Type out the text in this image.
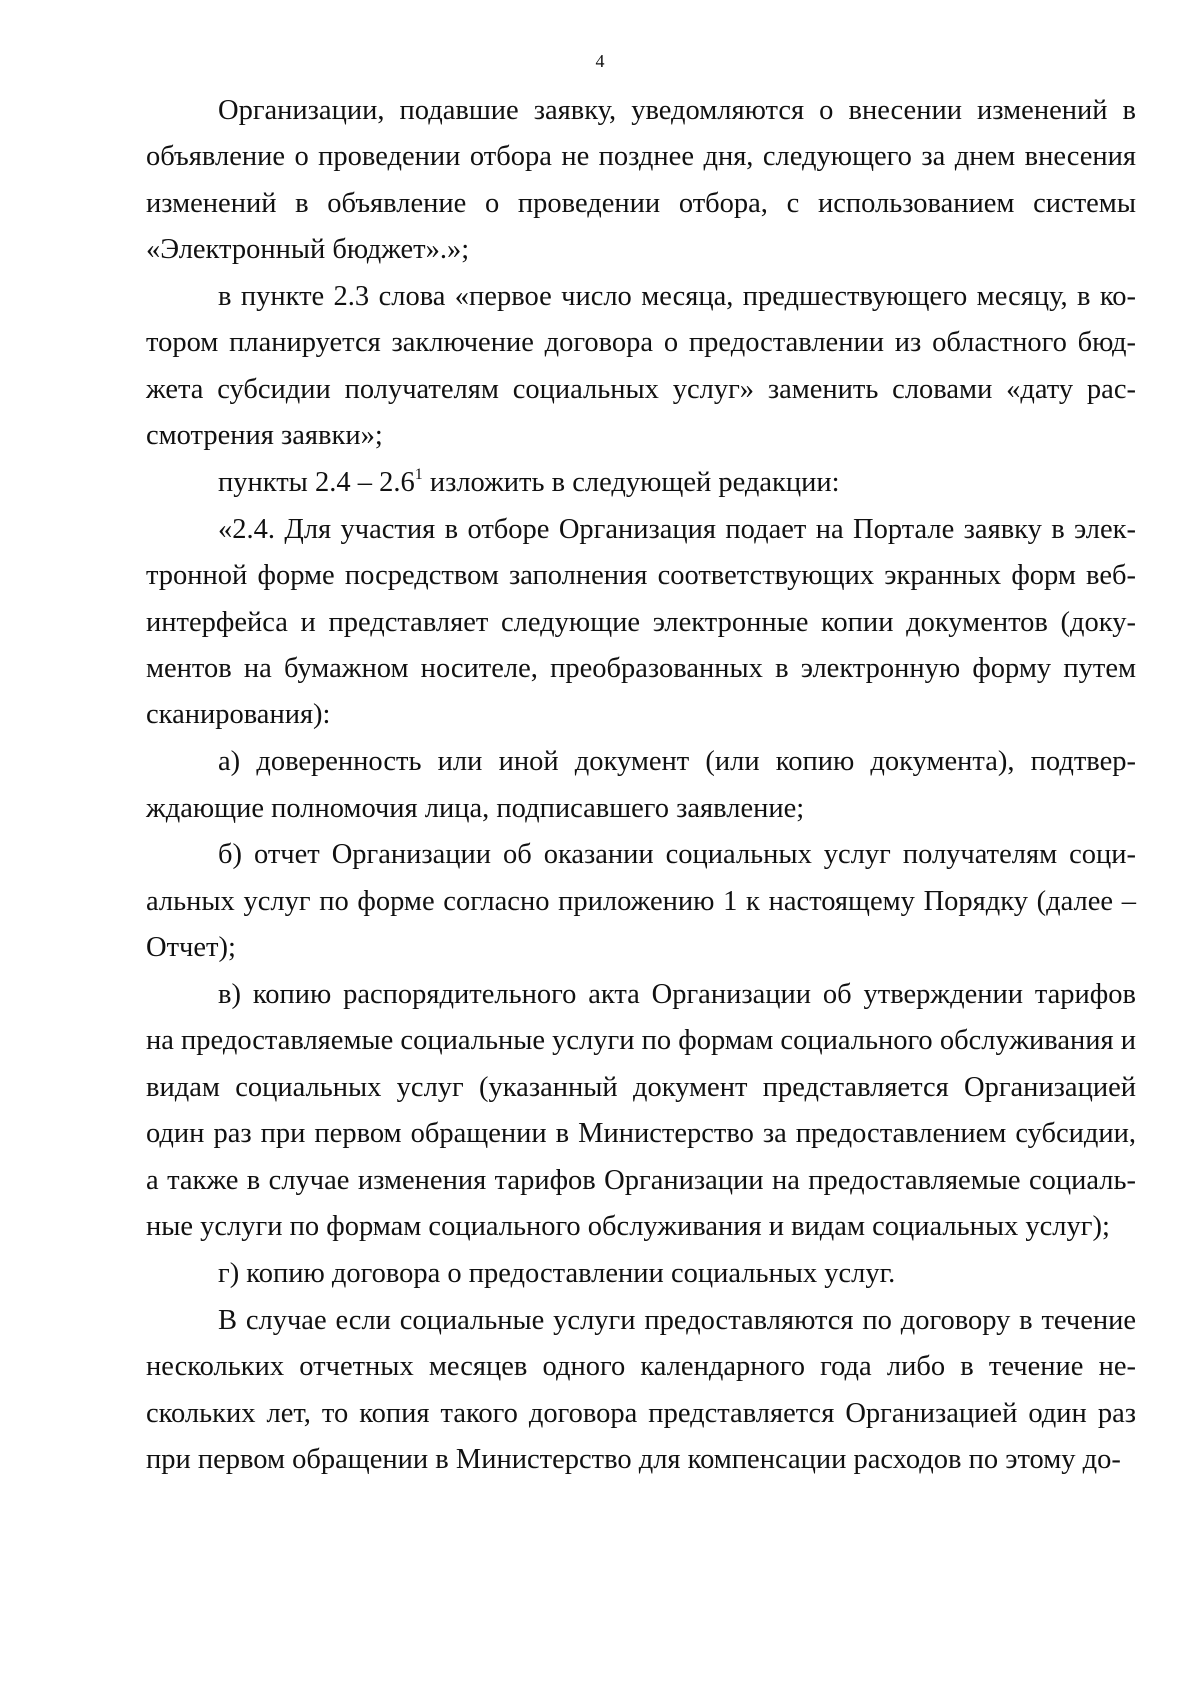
4

Организации, подавшие заявку, уведомляются о внесении изменений в объявление о проведении отбора не позднее дня, следующего за днем внесения изменений в объявление о проведении отбора, с использованием системы «Электронный бюджет».»;

в пункте 2.3 слова «первое число месяца, предшествующего месяцу, в котором планируется заключение договора о предоставлении из областного бюджета субсидии получателям социальных услуг» заменить словами «дату рассмотрения заявки»;

пункты $2.4 - 2.6^1$ изложить в следующей редакции:

«2.4. Для участия в отборе Организация подает на Портале заявку в электронной форме посредством заполнения соответствующих экранных форм веб-интерфейса и представляет следующие электронные копии документов (документов на бумажном носителе, преобразованных в электронную форму путем сканирования):

а) доверенность или иной документ (или копию документа), подтверждающие полномочия лица, подписавшего заявление;

б) отчет Организации об оказании социальных услуг получателям социальных услуг по форме согласно приложению 1 к настоящему Порядку (далее – Отчет);

в) копию распорядительного акта Организации об утверждении тарифов на предоставляемые социальные услуги по формам социального обслуживания и видам социальных услуг (указанный документ представляется Организацией один раз при первом обращении в Министерство за предоставлением субсидии, а также в случае изменения тарифов Организации на предоставляемые социальные услуги по формам социального обслуживания и видам социальных услуг);

г) копию договора о предоставлении социальных услуг.

В случае если социальные услуги предоставляются по договору в течение нескольких отчетных месяцев одного календарного года либо в течение нескольких лет, то копия такого договора представляется Организацией один раз при первом обращении в Министерство для компенсации расходов по этому до-
